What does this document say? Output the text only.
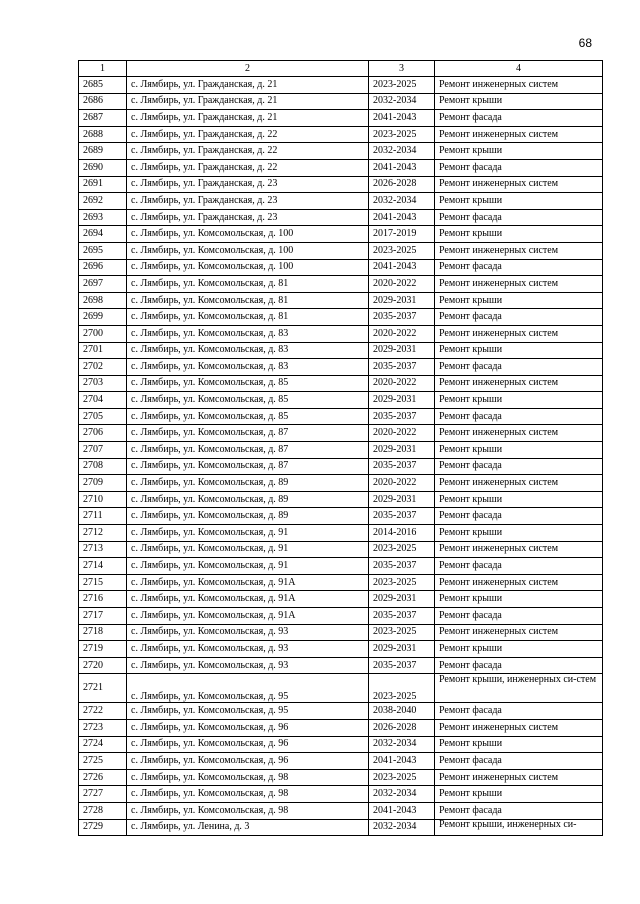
68
1	2	3	4
2685	с. Лямбирь, ул. Гражданская, д. 21	2023-2025	Ремонт инженерных систем
2686	с. Лямбирь, ул. Гражданская, д. 21	2032-2034	Ремонт крыши
2687	с. Лямбирь, ул. Гражданская, д. 21	2041-2043	Ремонт фасада
2688	с. Лямбирь, ул. Гражданская, д. 22	2023-2025	Ремонт инженерных систем
2689	с. Лямбирь, ул. Гражданская, д. 22	2032-2034	Ремонт крыши
2690	с. Лямбирь, ул. Гражданская, д. 22	2041-2043	Ремонт фасада
2691	с. Лямбирь, ул. Гражданская, д. 23	2026-2028	Ремонт инженерных систем
2692	с. Лямбирь, ул. Гражданская, д. 23	2032-2034	Ремонт крыши
2693	с. Лямбирь, ул. Гражданская, д. 23	2041-2043	Ремонт фасада
2694	с. Лямбирь, ул. Комсомольская, д. 100	2017-2019	Ремонт крыши
2695	с. Лямбирь, ул. Комсомольская, д. 100	2023-2025	Ремонт инженерных систем
2696	с. Лямбирь, ул. Комсомольская, д. 100	2041-2043	Ремонт фасада
2697	с. Лямбирь, ул. Комсомольская, д. 81	2020-2022	Ремонт инженерных систем
2698	с. Лямбирь, ул. Комсомольская, д. 81	2029-2031	Ремонт крыши
2699	с. Лямбирь, ул. Комсомольская, д. 81	2035-2037	Ремонт фасада
2700	с. Лямбирь, ул. Комсомольская, д. 83	2020-2022	Ремонт инженерных систем
2701	с. Лямбирь, ул. Комсомольская, д. 83	2029-2031	Ремонт крыши
2702	с. Лямбирь, ул. Комсомольская, д. 83	2035-2037	Ремонт фасада
2703	с. Лямбирь, ул. Комсомольская, д. 85	2020-2022	Ремонт инженерных систем
2704	с. Лямбирь, ул. Комсомольская, д. 85	2029-2031	Ремонт крыши
2705	с. Лямбирь, ул. Комсомольская, д. 85	2035-2037	Ремонт фасада
2706	с. Лямбирь, ул. Комсомольская, д. 87	2020-2022	Ремонт инженерных систем
2707	с. Лямбирь, ул. Комсомольская, д. 87	2029-2031	Ремонт крыши
2708	с. Лямбирь, ул. Комсомольская, д. 87	2035-2037	Ремонт фасада
2709	с. Лямбирь, ул. Комсомольская, д. 89	2020-2022	Ремонт инженерных систем
2710	с. Лямбирь, ул. Комсомольская, д. 89	2029-2031	Ремонт крыши
2711	с. Лямбирь, ул. Комсомольская, д. 89	2035-2037	Ремонт фасада
2712	с. Лямбирь, ул. Комсомольская, д. 91	2014-2016	Ремонт крыши
2713	с. Лямбирь, ул. Комсомольская, д. 91	2023-2025	Ремонт инженерных систем
2714	с. Лямбирь, ул. Комсомольская, д. 91	2035-2037	Ремонт фасада
2715	с. Лямбирь, ул. Комсомольская, д. 91А	2023-2025	Ремонт инженерных систем
2716	с. Лямбирь, ул. Комсомольская, д. 91А	2029-2031	Ремонт крыши
2717	с. Лямбирь, ул. Комсомольская, д. 91А	2035-2037	Ремонт фасада
2718	с. Лямбирь, ул. Комсомольская, д. 93	2023-2025	Ремонт инженерных систем
2719	с. Лямбирь, ул. Комсомольская, д. 93	2029-2031	Ремонт крыши
2720	с. Лямбирь, ул. Комсомольская, д. 93	2035-2037	Ремонт фасада
2721	с. Лямбирь, ул. Комсомольская, д. 95	2023-2025	Ремонт крыши, инженерных си-стем
2722	с. Лямбирь, ул. Комсомольская, д. 95	2038-2040	Ремонт фасада
2723	с. Лямбирь, ул. Комсомольская, д. 96	2026-2028	Ремонт инженерных систем
2724	с. Лямбирь, ул. Комсомольская, д. 96	2032-2034	Ремонт крыши
2725	с. Лямбирь, ул. Комсомольская, д. 96	2041-2043	Ремонт фасада
2726	с. Лямбирь, ул. Комсомольская, д. 98	2023-2025	Ремонт инженерных систем
2727	с. Лямбирь, ул. Комсомольская, д. 98	2032-2034	Ремонт крыши
2728	с. Лямбирь, ул. Комсомольская, д. 98	2041-2043	Ремонт фасада
2729	с. Лямбирь, ул. Ленина, д. 3	2032-2034	Ремонт крыши, инженерных си-
